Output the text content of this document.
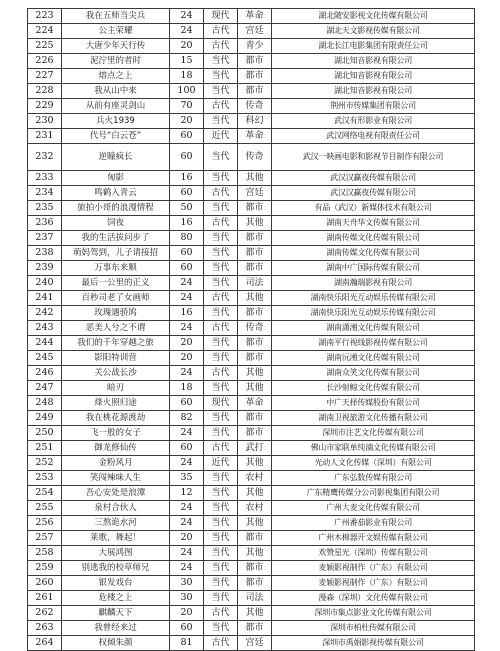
223	我在五师当尖兵	24	现代	革命	湖北随安影视文化传媒有限公司
224	公主荣耀	24	古代	宫廷	湖北天文影视传媒有限公司
225	大唐少年天行传	20	古代	青少	湖北长江电影集团有限责任公司
226	泥泞里的者时	15	当代	都市	湖北知音影视有限公司
227	熔点之上	18	当代	都市	湖北知音影视有限公司
228	我从山中来	100	当代	都市	湖北知音影视有限公司
229	从前有座灵剑山	70	古代	传奇	荆州市传媒集团有限公司
230	兵火1939	20	当代	科幻	武汉有形影业有限公司
231	代号“白云苍”	60	近代	革命	武汉网络电视有限责任公司
232	逆瞳疯长	60	当代	传奇	武汉一映画电影和影视节目制作有限公司
233	匈影	16	当代	其他	武汉汉赢夜传媒有限公司
234	鸣鹤入青云	60	古代	宫廷	武汉汉赢夜传媒有限公司
235	旅拍小哥的浪漫情程	50	当代	都市	有品（武汉）新媒体技术有限公司
236	饲夜	16	古代	其他	湖南天舟华文传媒有限公司
237	我的生活拔问步了	80	当代	都市	湖南传媒文化传媒有限公司
238	萌妈驾到，儿子请接招	60	当代	都市	湖南传媒文化传媒有限公司
239	万事东来顺	60	当代	都市	湖南中广国际传媒有限公司
240	最后一公里的正义	24	当代	司法	湖南瀚瑞影视有限公司
241	百秒司老了女画师	24	古代	其他	湖南快乐阳光互动娱乐传媒有限公司
242	玫瑰遇骄鸠	16	当代	都市	湖南快乐阳光互动娱乐传媒有限公司
243	恶美人兮之不谓	24	古代	传奇	湖南潇湘文化传媒有限公司
244	我们的千年穿越之旅	20	当代	都市	湖南平行视线影视传媒有限公司
245	影阳特训营	20	当代	都市	湖南沅湘文化传媒有限公司
246	关公战长沙	24	古代	其他	湖南众笑文化传媒有限公司
247	暗刃	18	当代	其他	长沙射鲸文化传媒有限公司
248	烽火照归途	60	现代	革命	中广天择传媒股份有限公司
249	我在桃花源渡劫	82	当代	都市	湖南卫视旅游文化传播有限公司
250	飞一般的女子	24	当代	都市	深圳市注艺文化传媒有限公司
251	御龙修仙传	60	古代	武打	佛山市家联单纯滴文化传媒有限公司
252	金粉风月	24	近代	其他	光动人文化传媒（深圳）有限公司
253	笑闯辣味人生	35	当代	农村	广东弘数传媒有限公司
254	吾心安处是浪潭	12	当代	其他	广东精鹰传媒分公司影视集团有限公司
255	泉村合伙人	24	当代	农村	广州大麦文化传媒有限公司
256	三熬诡水河	24	当代	其他	广州番茄影业有限公司
257	莱歌，舞起！	20	当代	都市	广州木棉器开文娱传媒有限公司
258	大展鸿图	24	当代	其他	欢赞星光（深圳）传媒有限公司
259	别逃我的校草师兄	24	当代	都市	麦颖影视制作（广东）有限公司
260	银发戏台	30	当代	都市	麦颖影视制作（广东）有限公司
261	危楼之上	30	当代	司法	漫森（深圳）文化传媒有限公司
262	麒麟天下	20	古代	其他	深圳市集点影业文化传媒有限公司
263	我曾经来过	60	当代	都市	深圳市柏杜传媒有限公司
264	权倾朱颜	81	古代	宫廷	深圳市禹娟影视传媒有限公司
